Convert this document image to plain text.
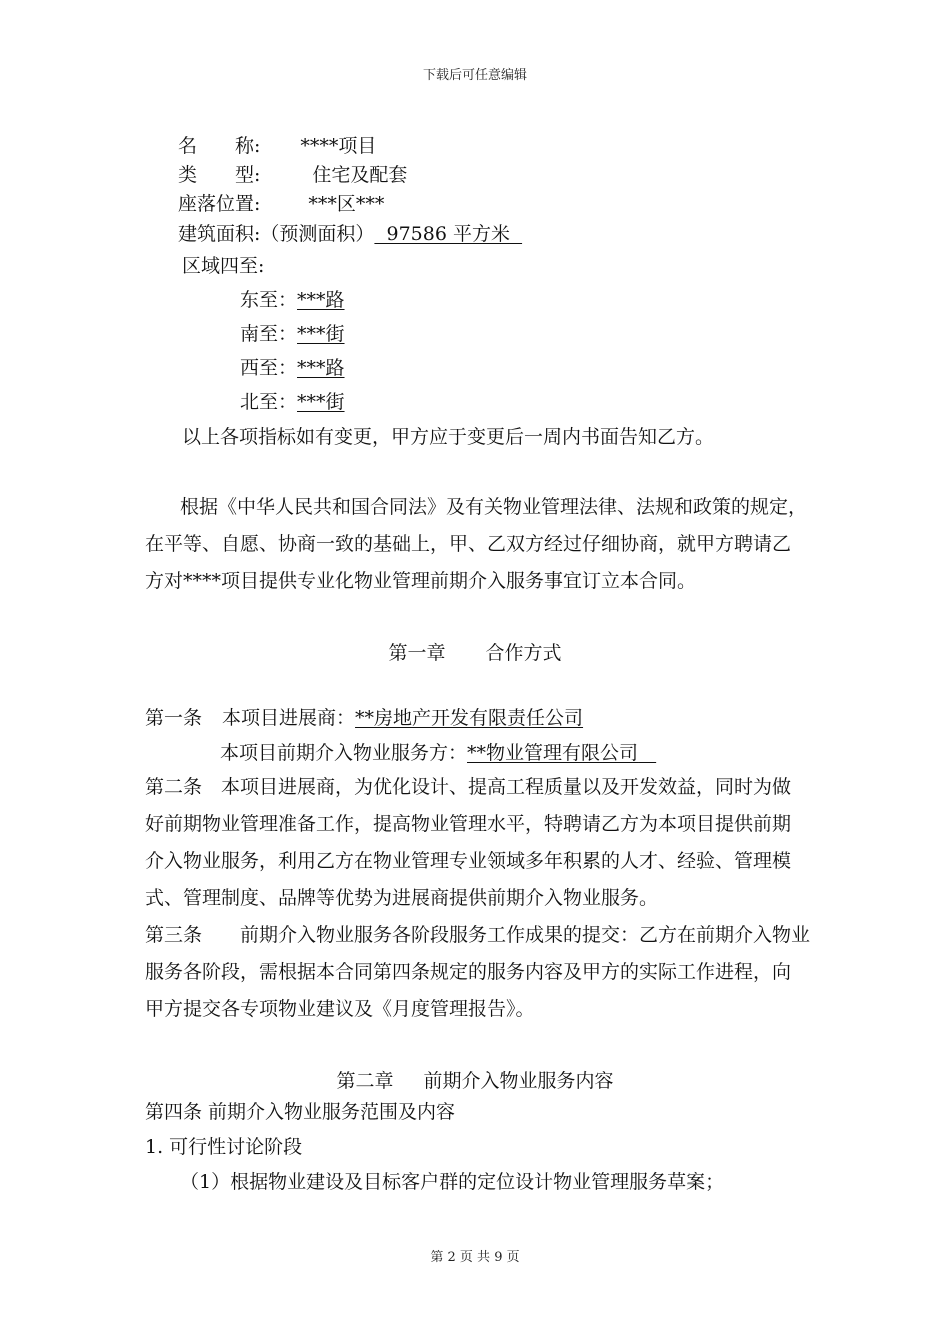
下载后可任意编辑
名　　称: ****项目
类　　型:	住宅及配套
座落位置:	***区***
建筑面积:（预测面积） 97586 平方米
区域四至:
东至：***路
南至：***街
西至：***路
北至：***街
以上各项指标如有变更，甲方应于变更后一周内书面告知乙方。
根据《中华人民共和国合同法》及有关物业管理法律、法规和政策的规定，
在平等、自愿、协商一致的基础上，甲、乙双方经过仔细协商，就甲方聘请乙
方对****项目提供专业化物业管理前期介入服务事宜订立本合同。
第一章 合作方式
第一条 本项目进展商：**房地产开发有限责任公司
本项目前期介入物业服务方：**物业管理有限公司
第二条　本项目进展商，为优化设计、提高工程质量以及开发效益，同时为做
好前期物业管理准备工作，提高物业管理水平，特聘请乙方为本项目提供前期
介入物业服务，利用乙方在物业管理专业领域多年积累的人才、经验、管理模
式、管理制度、品牌等优势为进展商提供前期介入物业服务。
第三条　　前期介入物业服务各阶段服务工作成果的提交：乙方在前期介入物业
服务各阶段，需根据本合同第四条规定的服务内容及甲方的实际工作进程，向
甲方提交各专项物业建议及《月度管理报告》。
第二章 前期介入物业服务内容
第四条 前期介入物业服务范围及内容
1. 可行性讨论阶段
（1）根据物业建设及目标客户群的定位设计物业管理服务草案；
第 2 页 共 9 页
